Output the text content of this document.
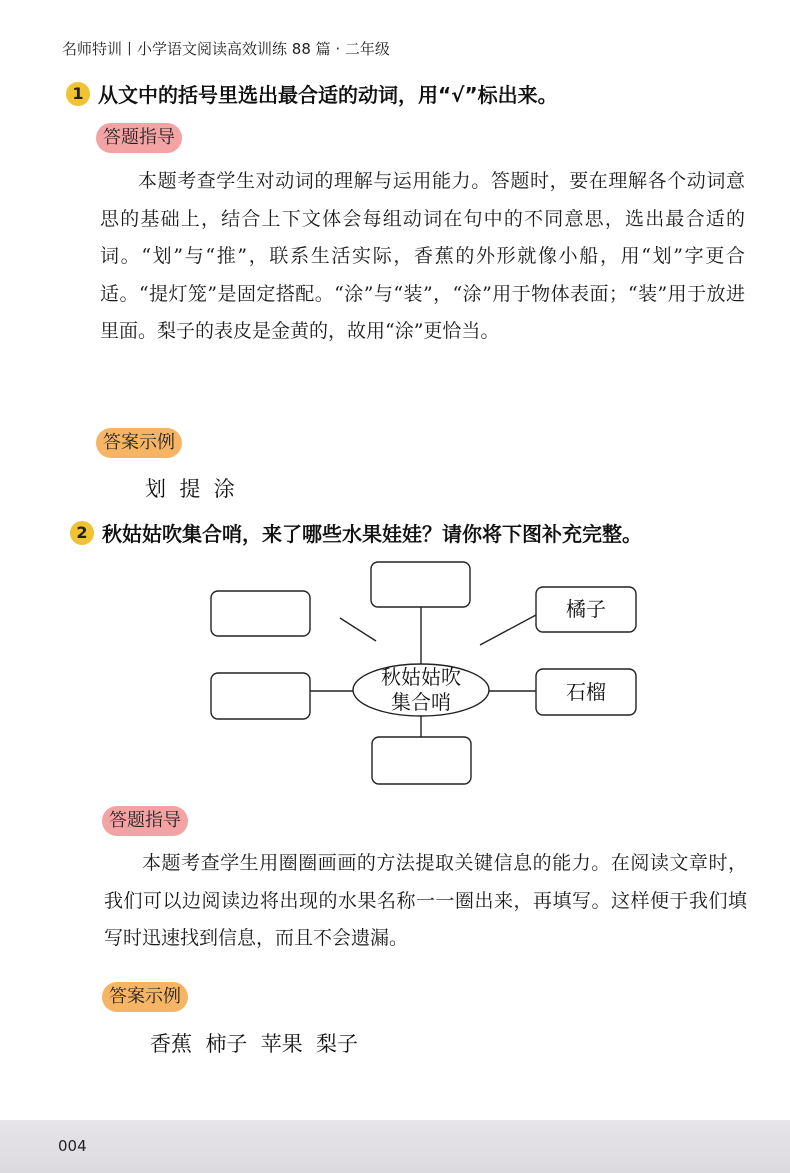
名师特训丨小学语文阅读高效训练 88 篇 · 二年级
1 从文中的括号里选出最合适的动词，用“√”标出来。
答题指导
本题考查学生对动词的理解与运用能力。答题时，要在理解各个动词意思的基础上，结合上下文体会每组动词在句中的不同意思，选出最合适的词。“划”与“推”，联系生活实际，香蕉的外形就像小船，用“划”字更合适。“提灯笼”是固定搭配。“涂”与“装”，“涂”用于物体表面；“装”用于放进里面。梨子的表皮是金黄的，故用“涂”更恰当。
答案示例
划  提  涂
2 秋姑姑吹集合哨，来了哪些水果娃娃？请你将下图补充完整。
秋姑姑吹
集合哨
橘子
石榴
答题指导
本题考查学生用圈圈画画的方法提取关键信息的能力。在阅读文章时，我们可以边阅读边将出现的水果名称一一圈出来，再填写。这样便于我们填写时迅速找到信息，而且不会遗漏。
答案示例
香蕉  柿子  苹果  梨子
004
